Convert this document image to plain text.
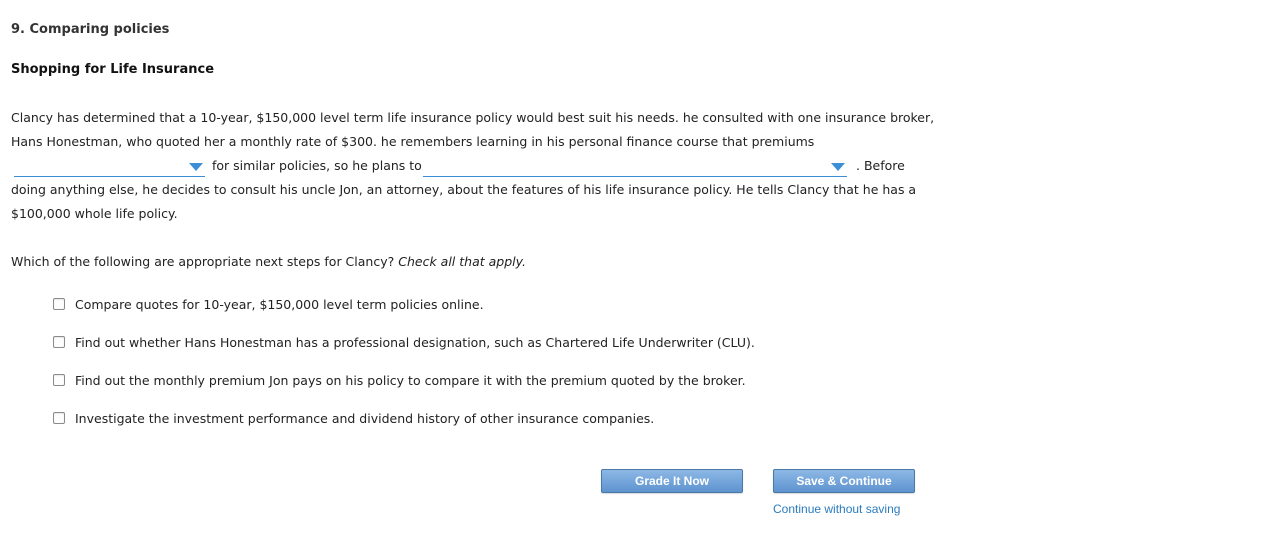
9. Comparing policies
Shopping for Life Insurance
Clancy has determined that a 10-year, $150,000 level term life insurance policy would best suit his needs. he consulted with one insurance broker,
Hans Honestman, who quoted her a monthly rate of $300. he remembers learning in his personal finance course that premiums
for similar policies, so he plans to	. Before
doing anything else, he decides to consult his uncle Jon, an attorney, about the features of his life insurance policy. He tells Clancy that he has a
$100,000 whole life policy.
Which of the following are appropriate next steps for Clancy? Check all that apply.
Compare quotes for 10-year, $150,000 level term policies online.
Find out whether Hans Honestman has a professional designation, such as Chartered Life Underwriter (CLU).
Find out the monthly premium Jon pays on his policy to compare it with the premium quoted by the broker.
Investigate the investment performance and dividend history of other insurance companies.
Grade It Now	Save & Continue
Continue without saving
